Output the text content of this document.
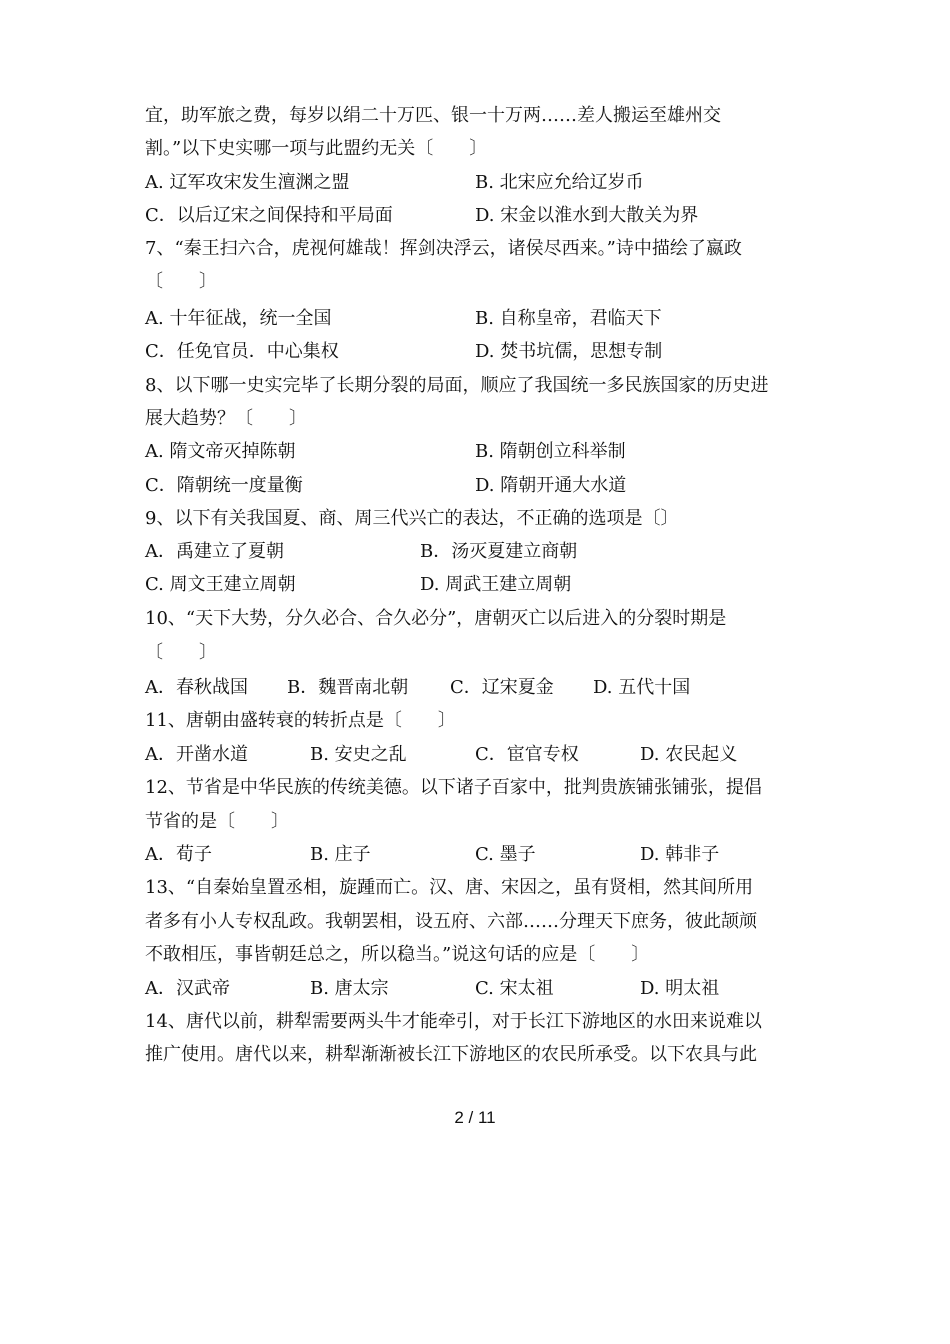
宜，助军旅之费，每岁以绢二十万匹、银一十万两……差人搬运至雄州交
割。”以下史实哪一项与此盟约无关〔　　〕
A. 辽军攻宋发生澶渊之盟	B. 北宋应允给辽岁币
C．以后辽宋之间保持和平局面	D. 宋金以淮水到大散关为界
7、“秦王扫六合，虎视何雄哉！挥剑决浮云，诸侯尽西来。”诗中描绘了嬴政
〔　　〕
A. 十年征战，统一全国	B. 自称皇帝，君临天下
C．任免官员．中心集权	D. 焚书坑儒，思想专制
8、以下哪一史实完毕了长期分裂的局面，顺应了我国统一多民族国家的历史进
展大趋势？〔　　〕
A. 隋文帝灭掉陈朝	B. 隋朝创立科举制
C．隋朝统一度量衡	D. 隋朝开通大水道
9、以下有关我国夏、商、周三代兴亡的表达，不正确的选项是〔〕
A．禹建立了夏朝	B．汤灭夏建立商朝
C. 周文王建立周朝	D. 周武王建立周朝
10、“天下大势，分久必合、合久必分”，唐朝灭亡以后进入的分裂时期是
〔　　〕
A．春秋战国 B．魏晋南北朝 C．辽宋夏金 D. 五代十国
11、唐朝由盛转衰的转折点是〔　　〕
A．开凿水道	B. 安史之乱	C．宦官专权	D. 农民起义
12、节省是中华民族的传统美德。以下诸子百家中，批判贵族铺张铺张，提倡
节省的是〔　　〕
A．荀子	B. 庄子	C. 墨子	D. 韩非子
13、“自秦始皇置丞相，旋踵而亡。汉、唐、宋因之，虽有贤相，然其间所用
者多有小人专权乱政。我朝罢相，设五府、六部……分理天下庶务，彼此颉颃
不敢相压，事皆朝廷总之，所以稳当。”说这句话的应是〔　　〕
A．汉武帝	B. 唐太宗	C. 宋太祖	D. 明太祖
14、唐代以前，耕犁需要两头牛才能牵引，对于长江下游地区的水田来说难以
推广使用。唐代以来，耕犁渐渐被长江下游地区的农民所承受。以下农具与此
2 / 11
